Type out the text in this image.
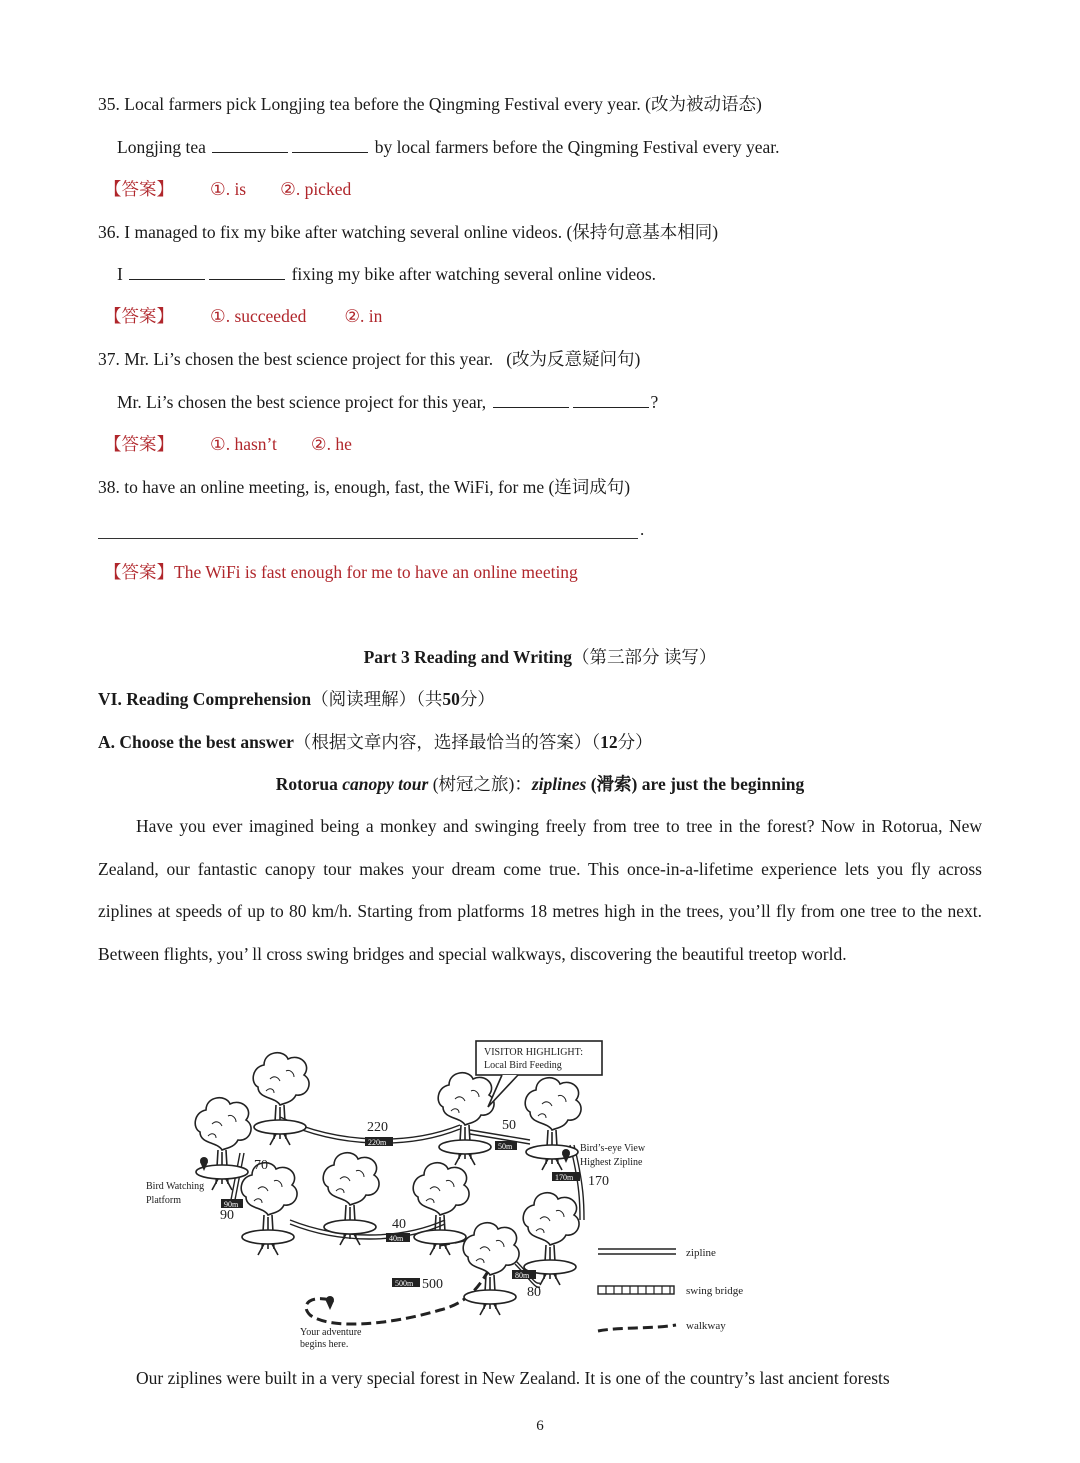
35. Local farmers pick Longjing tea before the Qingming Festival every year. (改为被动语态)
Longjing tea	by local farmers before the Qingming Festival every year.
【答案】 ①. is ②. picked
36. I managed to fix my bike after watching several online videos. (保持句意基本相同)
I	fixing my bike after watching several online videos.
【答案】 ①. succeeded ②. in
37. Mr. Li’s chosen the best science project for this year.   (改为反意疑问句)
Mr. Li’s chosen the best science project for this year,	?
【答案】 ①. hasn’t ②. he
38. to have an online meeting, is, enough, fast, the WiFi, for me (连词成句)
.
【答案】The WiFi is fast enough for me to have an online meeting
Part 3 Reading and Writing（第三部分 读写）
VI. Reading Comprehension（阅读理解）（共50分）
A. Choose the best answer（根据文章内容，选择最恰当的答案）（12分）
Rotorua canopy tour (树冠之旅)：ziplines (滑索) are just the beginning
Have you ever imagined being a monkey and swinging freely from tree to tree in the forest? Now in Rotorua, New Zealand, our fantastic canopy tour makes your dream come true. This once-in-a-lifetime experience lets you fly across ziplines at speeds of up to 80 km/h. Starting from platforms 18 metres high in the trees, you’ll fly from one tree to the next. Between flights, you’ ll cross swing bridges and special walkways, discovering the beautiful treetop world.
220m	50m
90m
170m
40m
500m
80m
220	50
70
90
170
40
500
80
VISITOR HIGHLIGHT:
Local Bird Feeding
Bird’s-eye View
Highest Zipline
Bird Watching
Platform
Your adventure
begins here.
zipline
swing bridge
walkway
Our ziplines were built in a very special forest in New Zealand. It is one of the country’s last ancient forests
6
